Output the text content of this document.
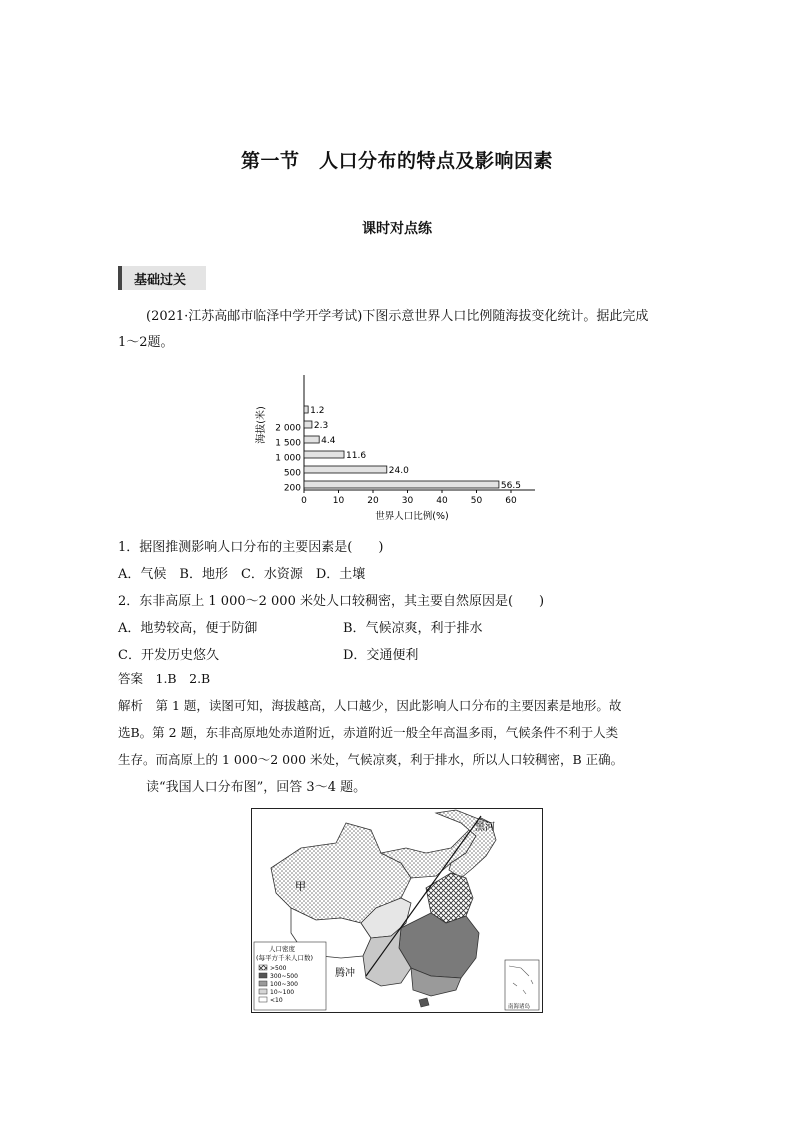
第一节　人口分布的特点及影响因素
课时对点练
基础过关
(2021·江苏高邮市临泽中学开学考试)下图示意世界人口比例随海拔变化统计。据此完成
1～2题。
海拔(米) 2 000
1 500
1 000
500
200	56.5
24.0
11.6
4.4
2.3
1.2
0	10	20	30	40	50	60
世界人口比例(%)
1．据图推测影响人口分布的主要因素是(　　)
A．气候　B．地形　C．水资源　D．土壤
2．东非高原上 1 000～2 000 米处人口较稠密，其主要自然原因是(　　)
A．地势较高，便于防御	B．气候凉爽，利于排水
C．开发历史悠久	D．交通便利
答案　1.B　2.B
解析　第 1 题，读图可知，海拔越高，人口越少，因此影响人口分布的主要因素是地形。故
选B。第 2 题，东非高原地处赤道附近，赤道附近一般全年高温多雨，气候条件不利于人类
生存。而高原上的 1 000～2 000 米处，气候凉爽，利于排水，所以人口较稠密，B 正确。
读“我国人口分布图”，回答 3～4 题。
黑河
甲
腾冲
人口密度
(每平方千米人口数)
>500
300~500
100~300
10~100
<10
南海诸岛
